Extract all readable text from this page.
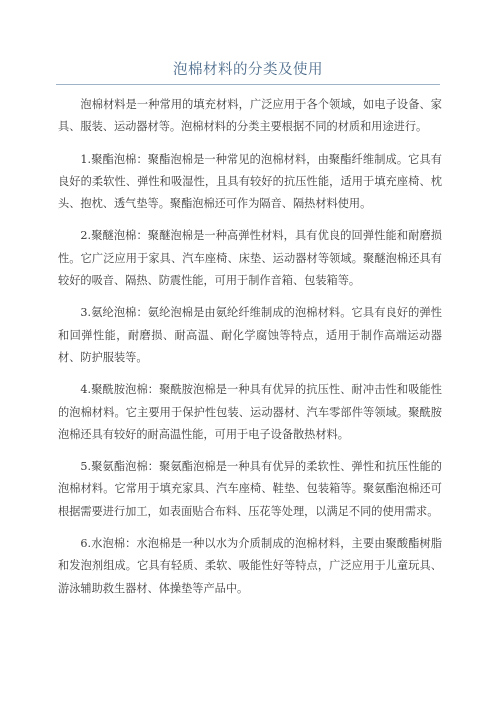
泡棉材料的分类及使用

泡棉材料是一种常用的填充材料，广泛应用于各个领域，如电子设备、家具、服装、运动器材等。泡棉材料的分类主要根据不同的材质和用途进行。

1.聚酯泡棉：聚酯泡棉是一种常见的泡棉材料，由聚酯纤维制成。它具有良好的柔软性、弹性和吸湿性，且具有较好的抗压性能，适用于填充座椅、枕头、抱枕、透气垫等。聚酯泡棉还可作为隔音、隔热材料使用。

2.聚醚泡棉：聚醚泡棉是一种高弹性材料，具有优良的回弹性能和耐磨损性。它广泛应用于家具、汽车座椅、床垫、运动器材等领域。聚醚泡棉还具有较好的吸音、隔热、防震性能，可用于制作音箱、包装箱等。

3.氨纶泡棉：氨纶泡棉是由氨纶纤维制成的泡棉材料。它具有良好的弹性和回弹性能，耐磨损、耐高温、耐化学腐蚀等特点，适用于制作高端运动器材、防护服装等。

4.聚酰胺泡棉：聚酰胺泡棉是一种具有优异的抗压性、耐冲击性和吸能性的泡棉材料。它主要用于保护性包装、运动器材、汽车零部件等领域。聚酰胺泡棉还具有较好的耐高温性能，可用于电子设备散热材料。

5.聚氨酯泡棉：聚氨酯泡棉是一种具有优异的柔软性、弹性和抗压性能的泡棉材料。它常用于填充家具、汽车座椅、鞋垫、包装箱等。聚氨酯泡棉还可根据需要进行加工，如表面贴合布料、压花等处理，以满足不同的使用需求。

6.水泡棉：水泡棉是一种以水为介质制成的泡棉材料，主要由聚酸酯树脂和发泡剂组成。它具有轻质、柔软、吸能性好等特点，广泛应用于儿童玩具、游泳辅助救生器材、体操垫等产品中。
